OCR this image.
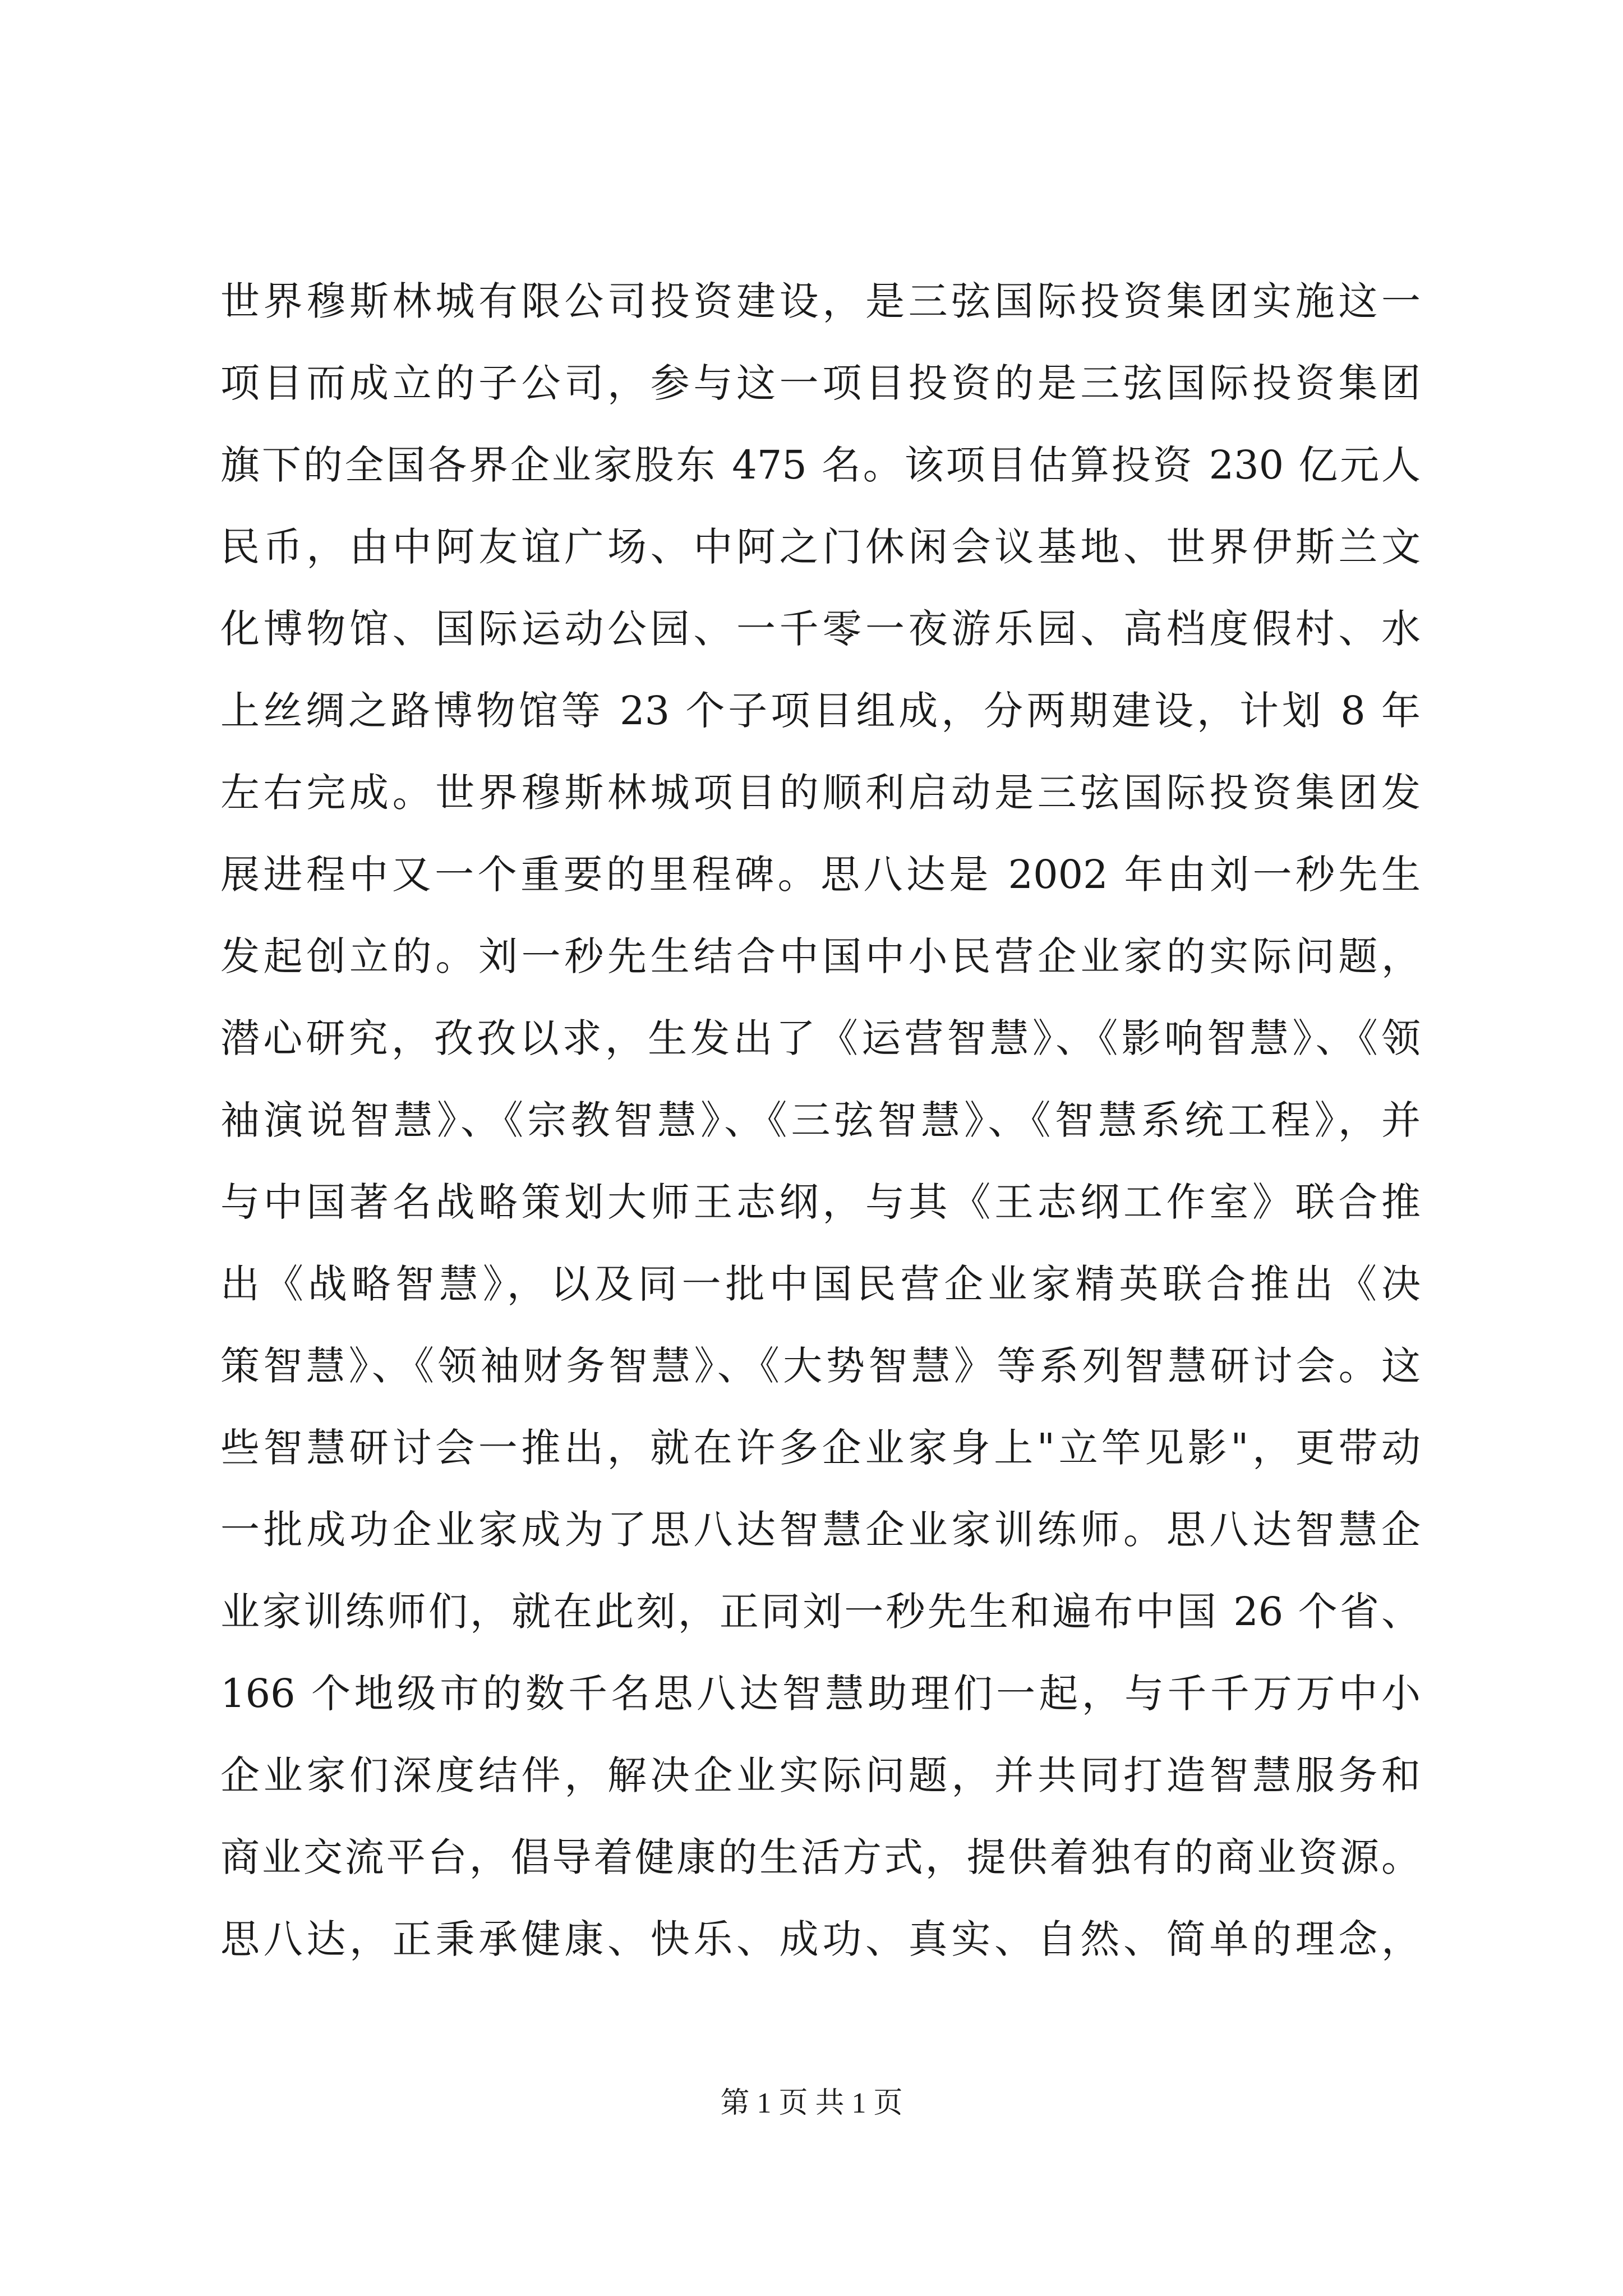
世界穆斯林城有限公司投资建设，是三弦国际投资集团实施这一
项目而成立的子公司，参与这一项目投资的是三弦国际投资集团
旗下的全国各界企业家股东 475 名。该项目估算投资 230 亿元人
民币，由中阿友谊广场、中阿之门休闲会议基地、世界伊斯兰文
化博物馆、国际运动公园、一千零一夜游乐园、高档度假村、水
上丝绸之路博物馆等 23 个子项目组成，分两期建设，计划 8 年
左右完成。世界穆斯林城项目的顺利启动是三弦国际投资集团发
展进程中又一个重要的里程碑。思八达是 2002 年由刘一秒先生
发起创立的。刘一秒先生结合中国中小民营企业家的实际问题，
潜心研究，孜孜以求，生发出了《运营智慧》、《影响智慧》、《领
袖演说智慧》、《宗教智慧》、《三弦智慧》、《智慧系统工程》，并
与中国著名战略策划大师王志纲，与其《王志纲工作室》联合推
出《战略智慧》，以及同一批中国民营企业家精英联合推出《决
策智慧》、《领袖财务智慧》、《大势智慧》等系列智慧研讨会。这
些智慧研讨会一推出，就在许多企业家身上"立竿见影"，更带动
一批成功企业家成为了思八达智慧企业家训练师。思八达智慧企
业家训练师们，就在此刻，正同刘一秒先生和遍布中国 26 个省、
166 个地级市的数千名思八达智慧助理们一起，与千千万万中小
企业家们深度结伴，解决企业实际问题，并共同打造智慧服务和
商业交流平台，倡导着健康的生活方式，提供着独有的商业资源。
思八达，正秉承健康、快乐、成功、真实、自然、简单的理念，
第 1 页 共 1 页
